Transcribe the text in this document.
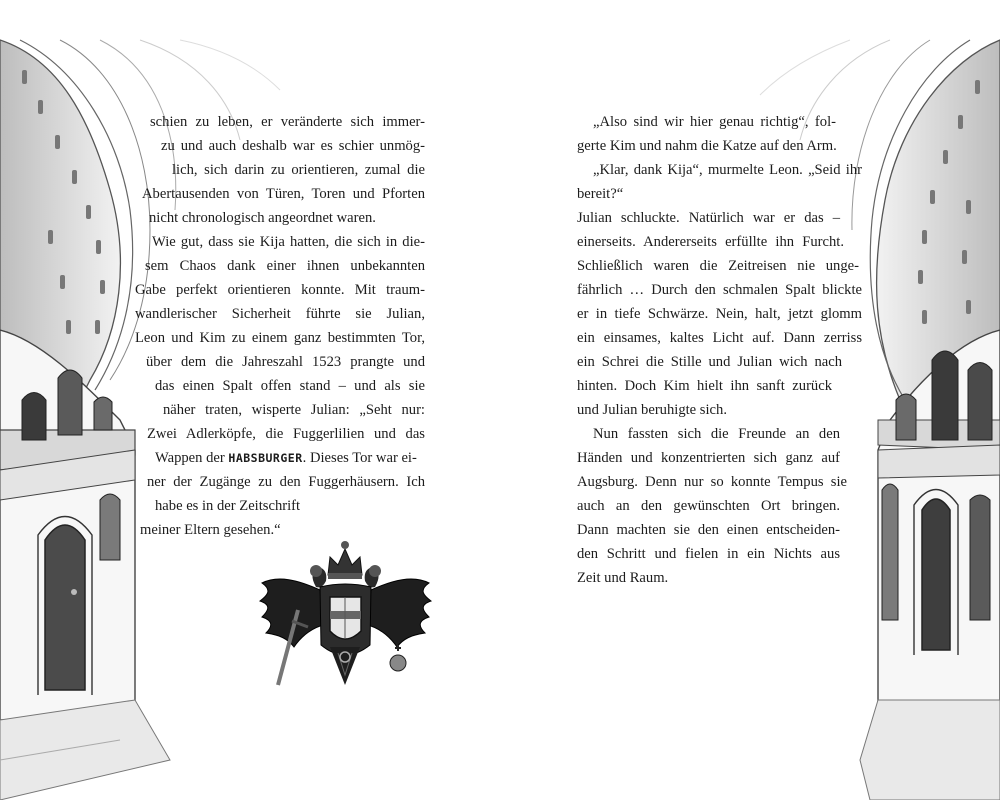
schien zu leben, er veränderte sich immer-
zu und auch deshalb war es schier unmög-
lich, sich darin zu orientieren, zumal die
Abertausenden von Türen, Toren und Pforten
nicht chronologisch angeordnet waren.
Wie gut, dass sie Kija hatten, die sich in die-
sem Chaos dank einer ihnen unbekannten
Gabe perfekt orientieren konnte. Mit traum-
wandlerischer Sicherheit führte sie Julian,
Leon und Kim zu einem ganz bestimmten Tor,
über dem die Jahreszahl 1523 prangte und
das einen Spalt offen stand – und als sie
näher traten, wisperte Julian: „Seht nur:
Zwei Adlerköpfe, die Fuggerlilien und das
Wappen der HABSBURGER. Dieses Tor war ei-
ner der Zugänge zu den Fuggerhäusern. Ich
habe es in der Zeitschrift
meiner Eltern gesehen.“
„Also sind wir hier genau richtig“, fol-
gerte Kim und nahm die Katze auf den Arm.
„Klar, dank Kija“, murmelte Leon. „Seid ihr
bereit?“
Julian schluckte. Natürlich war er das –
einerseits. Andererseits erfüllte ihn Furcht.
Schließlich waren die Zeitreisen nie unge-
fährlich … Durch den schmalen Spalt blickte
er in tiefe Schwärze. Nein, halt, jetzt glomm
ein einsames, kaltes Licht auf. Dann zerriss
ein Schrei die Stille und Julian wich nach
hinten. Doch Kim hielt ihn sanft zurück
und Julian beruhigte sich.
Nun fassten sich die Freunde an den
Händen und konzentrierten sich ganz auf
Augsburg. Denn nur so konnte Tempus sie
auch an den gewünschten Ort bringen.
Dann machten sie den einen entscheiden-
den Schritt und fielen in ein Nichts aus
Zeit und Raum.
